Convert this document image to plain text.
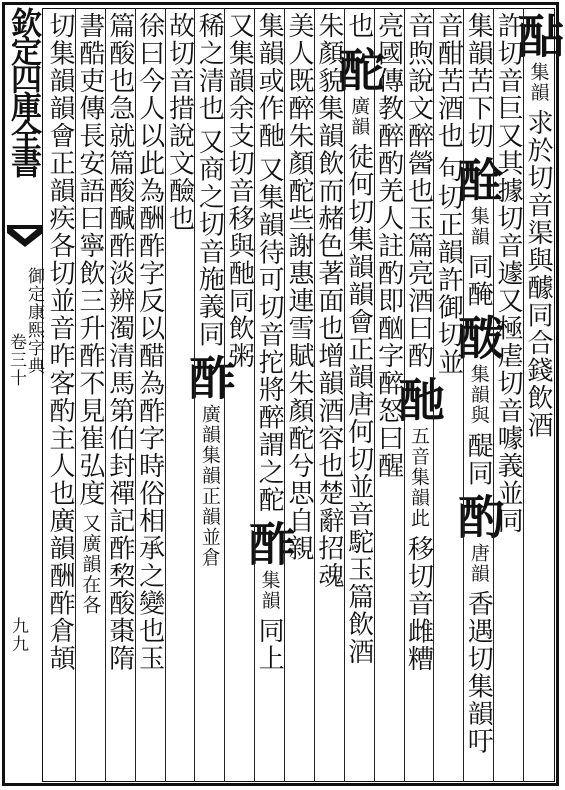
欽定四庫全書
御定康熙字典
卷三十
九九
酟
集韻
求於切音渠與醵同合錢飲酒
許切音巨又其據切音遽又極虐切音噱義並同
集韻苦下切
酫
集韻
同醃
酦
集韻與
醍同
酌
唐韻
香遇切集韻吁
音酣苦酒也
句切正韻許御切並
音煦說文醉醟也玉篇亮酒曰酌
酏
五音集韻此
移切音雌糟
亮國傳教醉酌羌人註酌即酗字醉怒曰醒
也
酡
廣韻
徒何切集韻韻會正韻唐何切並音駝玉篇飲酒
朱顏貌集韻飲而赭色著面也增韻酒容也楚辭招魂
美人既醉朱顏酡些謝惠連雪賦朱顏酡兮思自親
集韻或作酏
又集韻待可切音拕將醉謂之酡
酢
集韻
同上
又集韻余支切音移與酏同飲粥
稀之清也
又商之切音施義同
酢
廣韻集韻正韻並倉
故切音措說文醶也
徐曰今人以此為酬酢字反以醋為酢字時俗相承之變也玉
篇酸也急就篇酸醎酢淡辨濁清馬第伯封禪記酢棃酸棗隋
書酷吏傳長安語曰寧飲三升酢不見崔弘度
又廣韻在各
切集韻韻會正韻疾各切並音昨客酌主人也廣韻酬酢倉頡
